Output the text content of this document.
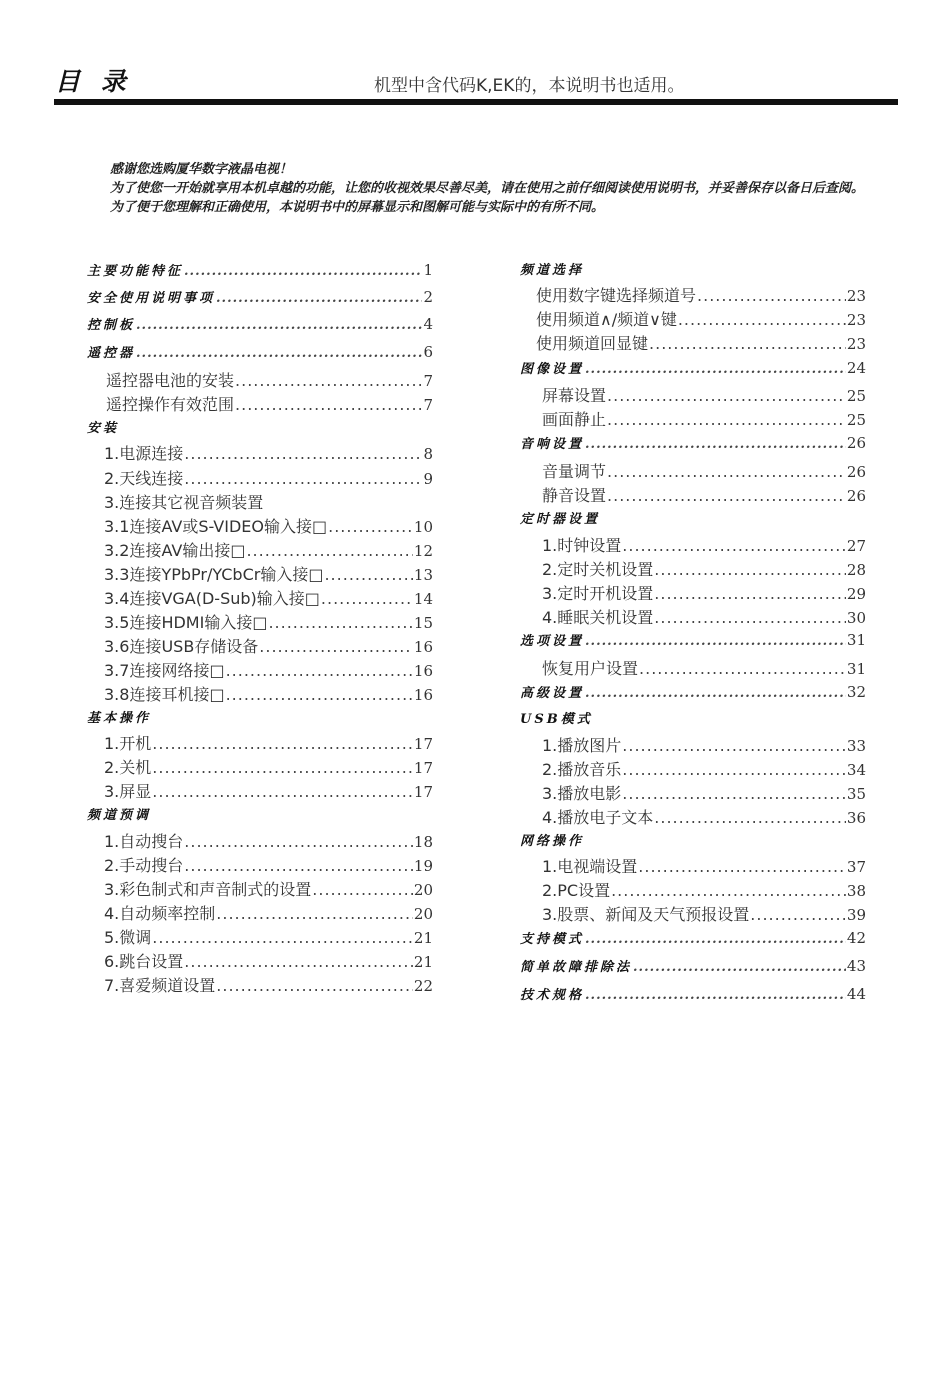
目 录	机型中含代码K,EK的，本说明书也适用。

感谢您选购厦华数字液晶电视！

为了使您一开始就享用本机卓越的功能，让您的收视效果尽善尽美，请在使用之前仔细阅读使用说明书，并妥善保存以备日后查阅。

为了便于您理解和正确使用，本说明书中的屏幕显示和图解可能与实际中的有所不同。

主要功能特征 .....	1
安全使用说明事项 .....	2
控制板 .....	4
遥控器 .....	6
遥控器电池的安装 .....	7
遥控操作有效范围 .....	7
安装
1.电源连接 .....	8
2.天线连接 .....	9
3.连接其它视音频装置
3.1连接AV或S-VIDEO输入接□ .....	10
3.2连接AV输出接□ .....	12
3.3连接YPbPr/YCbCr输入接□ .....	13
3.4连接VGA(D-Sub)输入接□ .....	14
3.5连接HDMI输入接□ .....	15
3.6连接USB存储设备 .....	16
3.7连接网络接□ .....	16
3.8连接耳机接□ .....	16
基本操作
1.开机 .....	17
2.关机 .....	17
3.屏显 .....	17
频道预调
1.自动搜台 .....	18
2.手动搜台 .....	19
3.彩色制式和声音制式的设置 .....	20
4.自动频率控制 .....	20
5.微调 .....	21
6.跳台设置 .....	21
7.喜爱频道设置 .....	22
频道选择
使用数字键选择频道号 .....	23
使用频道∧/频道∨键 .....	23
使用频道回显键 .....	23
图像设置 .....	24
屏幕设置 .....	25
画面静止 .....	25
音响设置 .....	26
音量调节 .....	26
静音设置 .....	26
定时器设置
1.时钟设置 .....	27
2.定时关机设置 .....	28
3.定时开机设置 .....	29
4.睡眠关机设置 .....	30
选项设置 .....	31
恢复用户设置 .....	31
高级设置 .....	32
USB模式
1.播放图片 .....	33
2.播放音乐 .....	34
3.播放电影 .....	35
4.播放电子文本 .....	36
网络操作
1.电视端设置 .....	37
2.PC设置 .....	38
3.股票、新闻及天气预报设置 .....	39
支持模式 .....	42
简单故障排除法 .....	43
技术规格 .....	44
